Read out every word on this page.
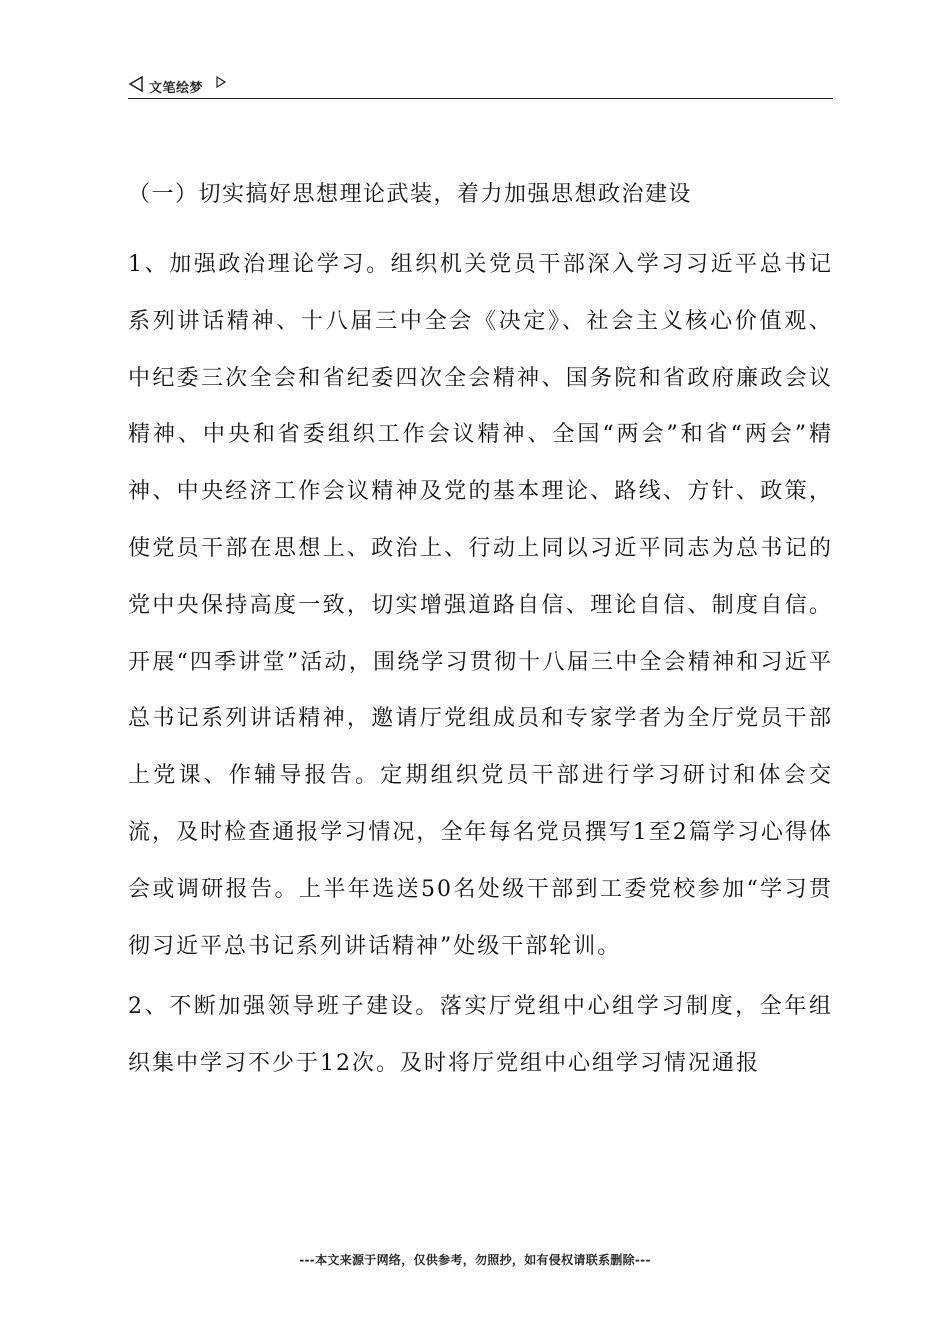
文笔绘梦

（一）切实搞好思想理论武装，着力加强思想政治建设

1、加强政治理论学习。组织机关党员干部深入学习习近平总书记系列讲话精神、十八届三中全会《决定》、社会主义核心价值观、中纪委三次全会和省纪委四次全会精神、国务院和省政府廉政会议精神、中央和省委组织工作会议精神、全国“两会”和省“两会”精神、中央经济工作会议精神及党的基本理论、路线、方针、政策，使党员干部在思想上、政治上、行动上同以习近平同志为总书记的党中央保持高度一致，切实增强道路自信、理论自信、制度自信。开展“四季讲堂”活动，围绕学习贯彻十八届三中全会精神和习近平总书记系列讲话精神，邀请厅党组成员和专家学者为全厅党员干部上党课、作辅导报告。定期组织党员干部进行学习研讨和体会交流，及时检查通报学习情况，全年每名党员撰写1至2篇学习心得体会或调研报告。上半年选送50名处级干部到工委党校参加“学习贯彻习近平总书记系列讲话精神”处级干部轮训。

2、不断加强领导班子建设。落实厅党组中心组学习制度，全年组织集中学习不少于12次。及时将厅党组中心组学习情况通报

---本文来源于网络，仅供参考，勿照抄，如有侵权请联系删除---
